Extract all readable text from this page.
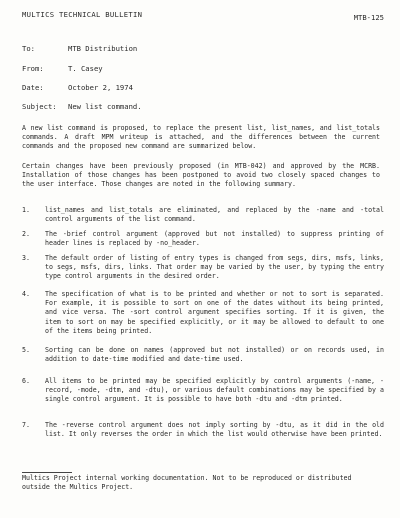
MULTICS TECHNICAL BULLETIN	MTB-125
To:	MTB Distribution
From:	T. Casey
Date:	October 2, 1974
Subject: New list command.
A new list command is proposed, to replace the present list, list_names, and list_totals commands. A draft MPM writeup is attached, and the differences between the current commands and the proposed new command are summarized below.
Certain changes have been previously proposed (in MTB-042) and approved by the MCRB. Installation of those changes has been postponed to avoid two closely spaced changes to the user interface. Those changes are noted in the following summary.
1.	list_names and list_totals are eliminated, and replaced by the -name and -total control arguments of the list command.
2.	The -brief control argument (approved but not installed) to suppress printing of header lines is replaced by -no_header.
3.	The default order of listing of entry types is changed from segs, dirs, msfs, links, to segs, msfs, dirs, links. That order may be varied by the user, by typing the entry type control arguments in the desired order.
4.	The specification of what is to be printed and whether or not to sort is separated. For example, it is possible to sort on one of the dates without its being printed, and vice versa. The -sort control argument specifies sorting. If it is given, the item to sort on may be specified explicitly, or it may be allowed to default to one of the items being printed.
5.	Sorting can be done on names (approved but not installed) or on records used, in addition to date-time modified and date-time used.
6.	All items to be printed may be specified explicitly by control arguments (-name, -record, -mode, -dtm, and -dtu), or various default combinations may be specified by a single control argument. It is possible to have both -dtu and -dtm printed.
7.	The -reverse control argument does not imply sorting by -dtu, as it did in the old list. It only reverses the order in which the list would otherwise have been printed.
Multics Project internal working documentation. Not to be reproduced or distributed outside the Multics Project.
